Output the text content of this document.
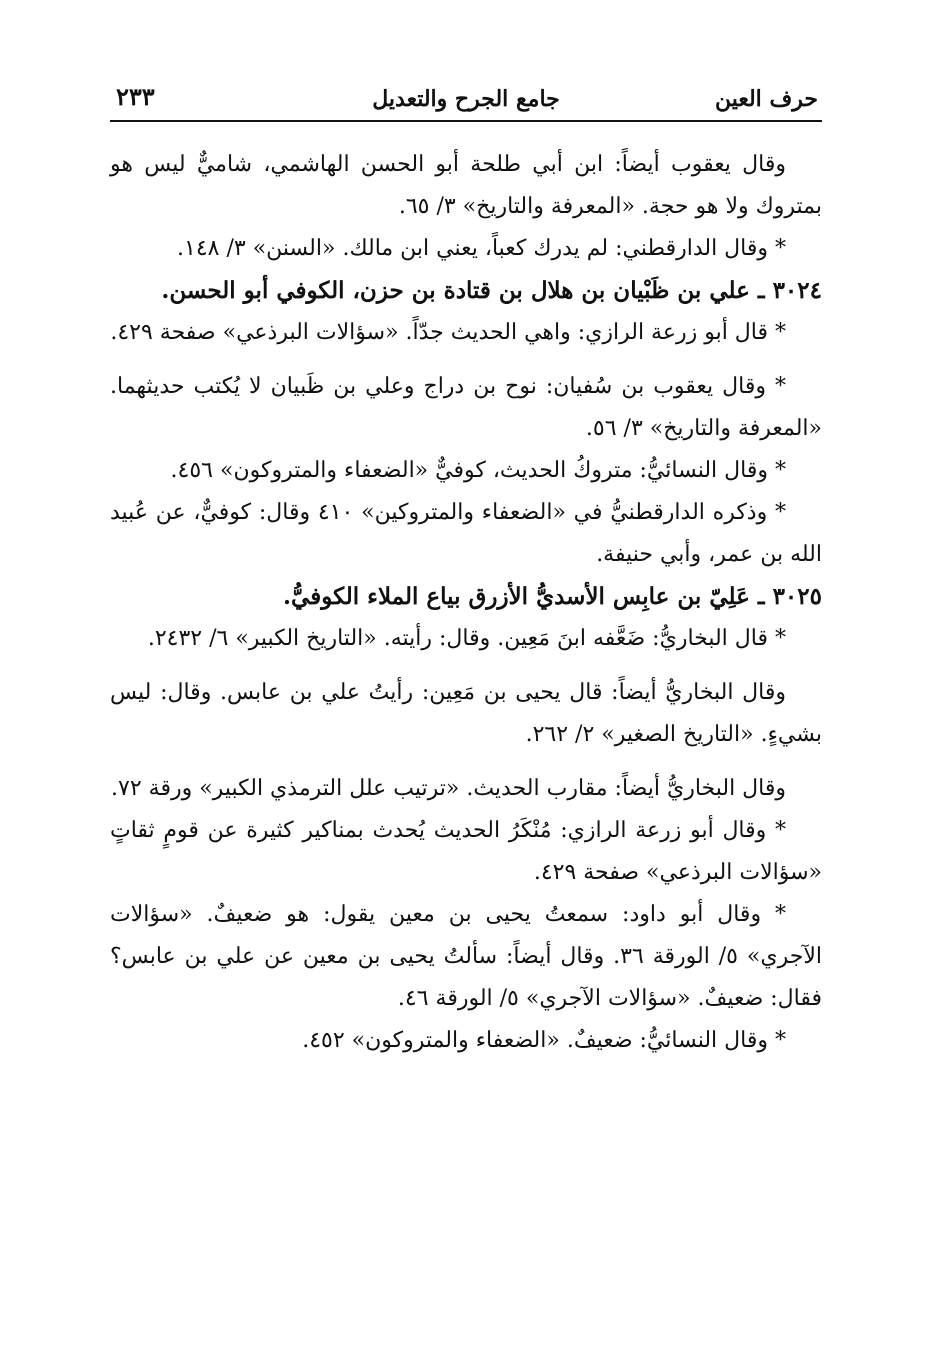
حرف العين
جامع الجرح والتعديل
٢٣٣

وقال يعقوب أيضاً: ابن أبي طلحة أبو الحسن الهاشمي، شاميٌّ ليس هو بمتروك ولا هو حجة. «المعرفة والتاريخ» ٣/ ٦٥.

* وقال الدارقطني: لم يدرك كعباً، يعني ابن مالك. «السنن» ٣/ ١٤٨.

٣٠٢٤ ـ علي بن ظَبْيان بن هلال بن قتادة بن حزن، الكوفي أبو الحسن.

* قال أبو زرعة الرازي: واهي الحديث جدّاً. «سؤالات البرذعي» صفحة ٤٢٩.

* وقال يعقوب بن سُفيان: نوح بن دراج وعلي بن ظَبيان لا يُكتب حديثهما. «المعرفة والتاريخ» ٣/ ٥٦.

* وقال النسائيُّ: متروكُ الحديث، كوفيٌّ «الضعفاء والمتروكون» ٤٥٦.

* وذكره الدارقطنيُّ في «الضعفاء والمتروكين» ٤١٠ وقال: كوفيٌّ، عن عُبيد الله بن عمر، وأبي حنيفة.

٣٠٢٥ ـ عَلِيّ بن عابِس الأسديُّ الأزرق بياع الملاء الكوفيُّ.

* قال البخاريُّ: ضَعَّفه ابنَ مَعِين. وقال: رأيته. «التاريخ الكبير» ٦/ ٢٤٣٢.

وقال البخاريُّ أيضاً: قال يحيى بن مَعِين: رأيتُ علي بن عابس. وقال: ليس بشيءٍ. «التاريخ الصغير» ٢/ ٢٦٢.

وقال البخاريُّ أيضاً: مقارب الحديث. «ترتيب علل الترمذي الكبير» ورقة ٧٢.

* وقال أبو زرعة الرازي: مُنْكَرُ الحديث يُحدث بمناكير كثيرة عن قومٍ ثقاتٍ «سؤالات البرذعي» صفحة ٤٢٩.

* وقال أبو داود: سمعتُ يحيى بن معين يقول: هو ضعيفٌ. «سؤالات الآجري» ٥/ الورقة ٣٦. وقال أيضاً: سألتُ يحيى بن معين عن علي بن عابس؟ فقال: ضعيفٌ. «سؤالات الآجري» ٥/ الورقة ٤٦.

* وقال النسائيُّ: ضعيفٌ. «الضعفاء والمتروكون» ٤٥٢.
